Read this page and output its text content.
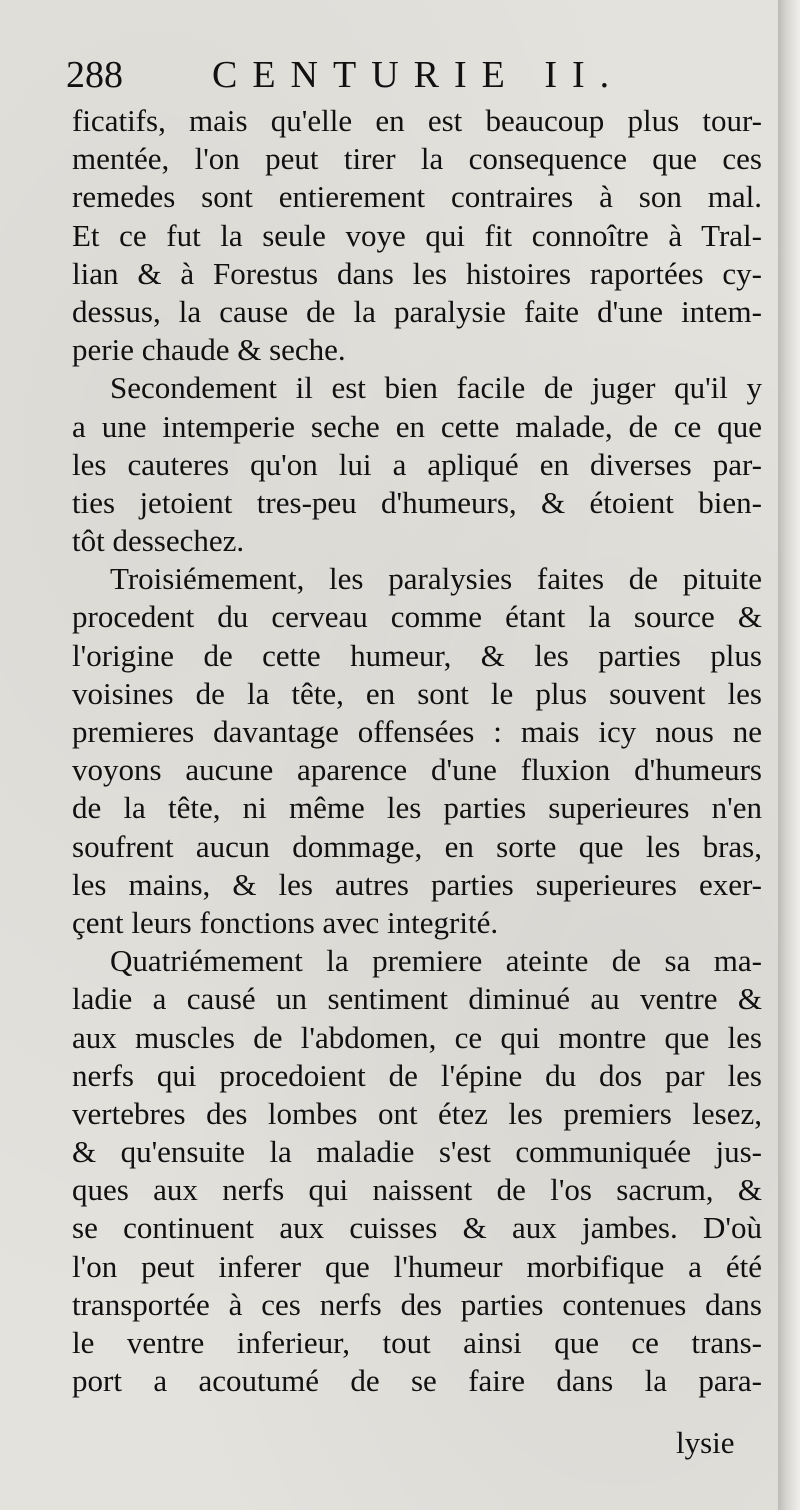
288 CENTURIE II.
ficatifs, mais qu'elle en est beaucoup plus tour-
mentée, l'on peut tirer la consequence que ces
remedes sont entierement contraires à son mal.
Et ce fut la seule voye qui fit connoître à Tral-
lian & à Forestus dans les histoires raportées cy-
dessus, la cause de la paralysie faite d'une intem-
perie chaude & seche.
Secondement il est bien facile de juger qu'il y
a une intemperie seche en cette malade, de ce que
les cauteres qu'on lui a apliqué en diverses par-
ties jetoient tres-peu d'humeurs, & étoient bien-
tôt dessechez.
Troisiémement, les paralysies faites de pituite
procedent du cerveau comme étant la source &
l'origine de cette humeur, & les parties plus
voisines de la tête, en sont le plus souvent les
premieres davantage offensées : mais icy nous ne
voyons aucune aparence d'une fluxion d'humeurs
de la tête, ni même les parties superieures n'en
soufrent aucun dommage, en sorte que les bras,
les mains, & les autres parties superieures exer-
çent leurs fonctions avec integrité.
Quatriémement la premiere ateinte de sa ma-
ladie a causé un sentiment diminué au ventre &
aux muscles de l'abdomen, ce qui montre que les
nerfs qui procedoient de l'épine du dos par les
vertebres des lombes ont étez les premiers lesez,
& qu'ensuite la maladie s'est communiquée jus-
ques aux nerfs qui naissent de l'os sacrum, &
se continuent aux cuisses & aux jambes. D'où
l'on peut inferer que l'humeur morbifique a été
transportée à ces nerfs des parties contenues dans
le ventre inferieur, tout ainsi que ce trans-
port a acoutumé de se faire dans la para-
lysie
